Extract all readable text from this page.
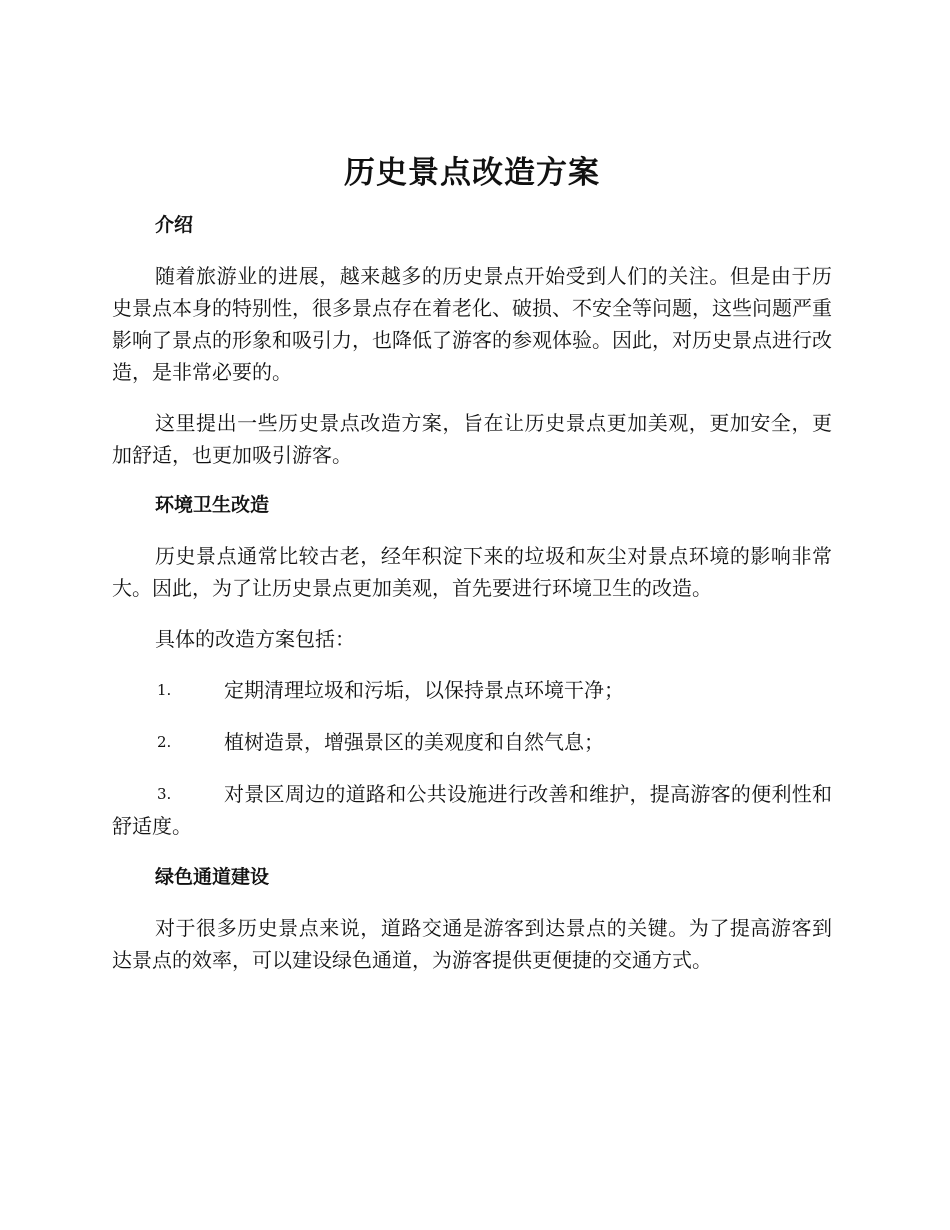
历史景点改造方案
介绍

随着旅游业的进展，越来越多的历史景点开始受到人们的关注。但是由于历史景点本身的特别性，很多景点存在着老化、破损、不安全等问题，这些问题严重影响了景点的形象和吸引力，也降低了游客的参观体验。因此，对历史景点进行改造，是非常必要的。

这里提出一些历史景点改造方案，旨在让历史景点更加美观，更加安全，更加舒适，也更加吸引游客。

环境卫生改造

历史景点通常比较古老，经年积淀下来的垃圾和灰尘对景点环境的影响非常大。因此，为了让历史景点更加美观，首先要进行环境卫生的改造。

具体的改造方案包括：

1.	定期清理垃圾和污垢，以保持景点环境干净；
2.	植树造景，增强景区的美观度和自然气息；
3.	对景区周边的道路和公共设施进行改善和维护，提高游客的便利性和舒适度。
绿色通道建设

对于很多历史景点来说，道路交通是游客到达景点的关键。为了提高游客到达景点的效率，可以建设绿色通道，为游客提供更便捷的交通方式。
